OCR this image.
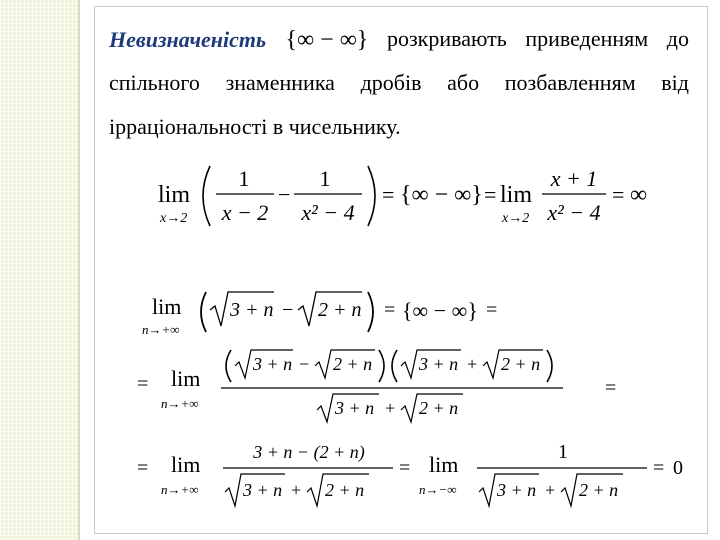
Невизначеність {∞ − ∞} розкривають приведенням до
спільного знаменника дробів або позбавленням від
ірраціональності в чисельнику.
lim
x→2
1
x − 2
−
1
x² − 4
= {∞ − ∞} = lim
x→2
x + 1
x² − 4
= ∞
lim
n→+∞
3 + n − 2 + n = {∞ − ∞} =
= lim
n→+∞
3 + n − 2 + n	3 + n + 2 + n
3 + n + 2 + n
=
= lim
n→+∞
3 + n − (2 + n)
3 + n + 2 + n
= lim
n→−∞
1
3 + n + 2 + n
= 0
